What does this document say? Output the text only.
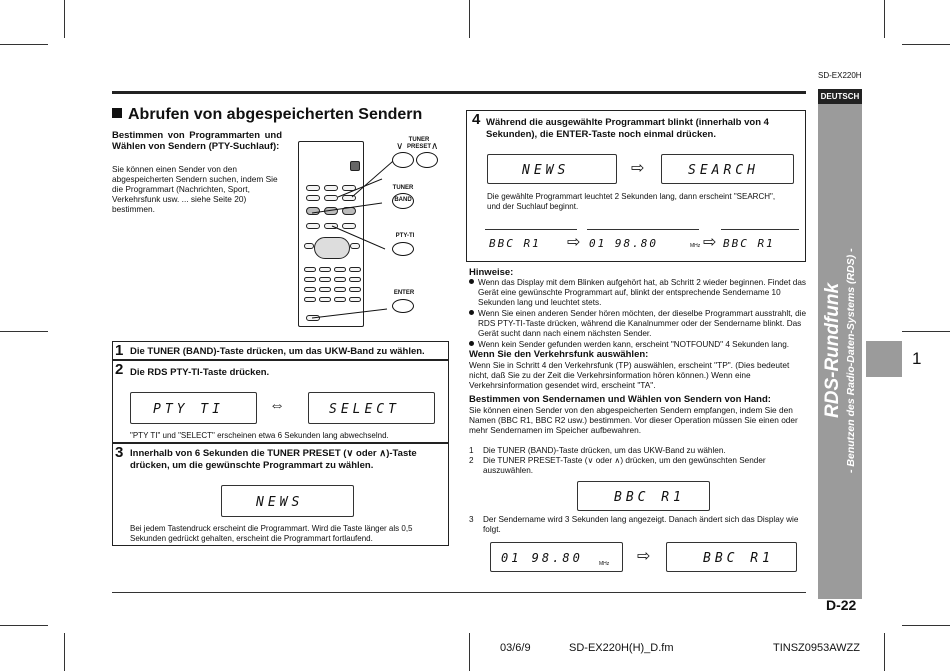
SD-EX220H
DEUTSCH
1
RDS-Rundfunk - Benutzen des Radio-Daten-Systems (RDS) -
Abrufen von abgespeicherten Sendern
Bestimmen von Programmarten und Wählen von Sendern (PTY-Suchlauf):
Sie können einen Sender von den abgespeicherten Sendern suchen, indem Sie die Programmart (Nachrichten, Sport, Verkehrsfunk usw. ... siehe Seite 20) bestimmen.
TUNER PRESET
∨	∧
TUNER
BAND
PTY-TI
ENTER
1 Die TUNER (BAND)-Taste drücken, um das UKW-Band zu wählen.
2 Die RDS PTY-TI-Taste drücken.
PTY TI	⇔	SELECT
"PTY TI" und "SELECT" erscheinen etwa 6 Sekunden lang abwechselnd.
3 Innerhalb von 6 Sekunden die TUNER PRESET (∨ oder ∧)-Taste drücken, um die gewünschte Programmart zu wählen.
NEWS
Bei jedem Tastendruck erscheint die Programmart. Wird die Taste länger als 0,5 Sekunden gedrückt gehalten, erscheint die Programmart fortlaufend.
4 Während die ausgewählte Programmart blinkt (innerhalb von 4 Sekunden), die ENTER-Taste noch einmal drücken.
NEWS	⇨	SEARCH
Die gewählte Programmart leuchtet 2 Sekunden lang, dann erscheint "SEARCH", und der Suchlauf beginnt.
BBC R1 ⇨ 01 98.80	MHz ⇨ BBC R1
Hinweise:
Wenn das Display mit dem Blinken aufgehört hat, ab Schritt 2 wieder beginnen. Findet das Gerät eine gewünschte Programmart auf, blinkt der entsprechende Sendername 10 Sekunden lang und leuchtet stets.
Wenn Sie einen anderen Sender hören möchten, der dieselbe Programmart ausstrahlt, die RDS PTY-TI-Taste drücken, während die Kanalnummer oder der Sendername blinkt. Das Gerät sucht dann nach einem nächsten Sender.
Wenn kein Sender gefunden werden kann, erscheint "NOTFOUND" 4 Sekunden lang.
Wenn Sie den Verkehrsfunk auswählen:
Wenn Sie in Schritt 4 den Verkehrsfunk (TP) auswählen, erscheint "TP". (Dies bedeutet nicht, daß Sie zu der Zeit die Verkehrsinformation hören können.) Wenn eine Verkehrsinformation gesendet wird, erscheint "TA".
Bestimmen von Sendernamen und Wählen von Sendern von Hand:
Sie können einen Sender von den abgespeicherten Sendern empfangen, indem Sie den Namen (BBC R1, BBC R2 usw.) bestimmen. Vor dieser Operation müssen Sie einen oder mehr Sendernamen im Speicher aufbewahren.
1 Die TUNER (BAND)-Taste drücken, um das UKW-Band zu wählen.
2 Die TUNER PRESET-Taste (∨ oder ∧) drücken, um den gewünschten Sender auszuwählen.
BBC R1
3 Der Sendername wird 3 Sekunden lang angezeigt. Danach ändert sich das Display wie folgt.
01 98.80	MHz ⇨	BBC R1
D-22
03/6/9	SD-EX220H(H)_D.fm	TINSZ0953AWZZ
